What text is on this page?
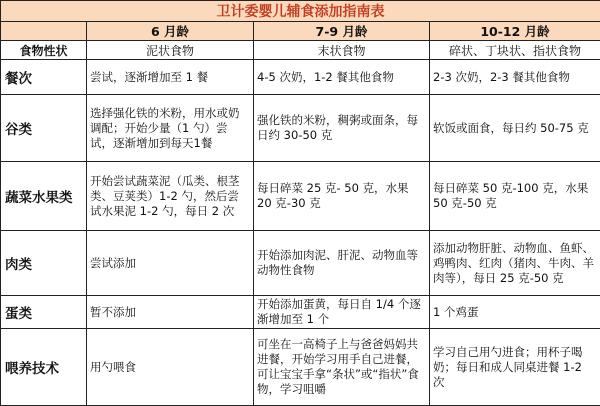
卫计委婴儿辅食添加指南表			
	6 月龄	7-9 月龄	10-12 月龄
食物性状	泥状食物	末状食物	碎状、丁块状、指状食物
餐次	尝试，逐渐增加至 1 餐	4-5 次奶，1-2 餐其他食物	2-3 次奶，2-3 餐其他食物
谷类	选择强化铁的米粉，用水或奶调配；开始少量（1 勺）尝试，逐渐增加到每天1餐	强化铁的米粉，稠粥或面条，每日约 30-50 克	软饭或面食，每日约 50-75 克
蔬菜水果类	开始尝试蔬菜泥（瓜类、根茎类、豆荚类）1-2 勺，然后尝试水果泥 1-2 勺，每日 2 次	每日碎菜 25 克- 50 克，水果 20 克-30 克	每日碎菜 50 克-100 克，水果 50 克-50 克
肉类	尝试添加	开始添加肉泥、肝泥、动物血等动物性食物	添加动物肝脏、动物血、鱼虾、鸡鸭肉、红肉（猪肉、牛肉、羊肉等），每日 25 克-50 克
蛋类	暂不添加	开始添加蛋黄，每日自 1/4 个逐渐增加至 1 个	1 个鸡蛋
喂养技术	用勺喂食	可坐在一高椅子上与爸爸妈妈共进餐，开始学习用手自己进餐，可让宝宝手拿“条状”或“指状”食物，学习咀嚼	学习自己用勺进食；用杯子喝奶；每日和成人同桌进餐 1-2 次
